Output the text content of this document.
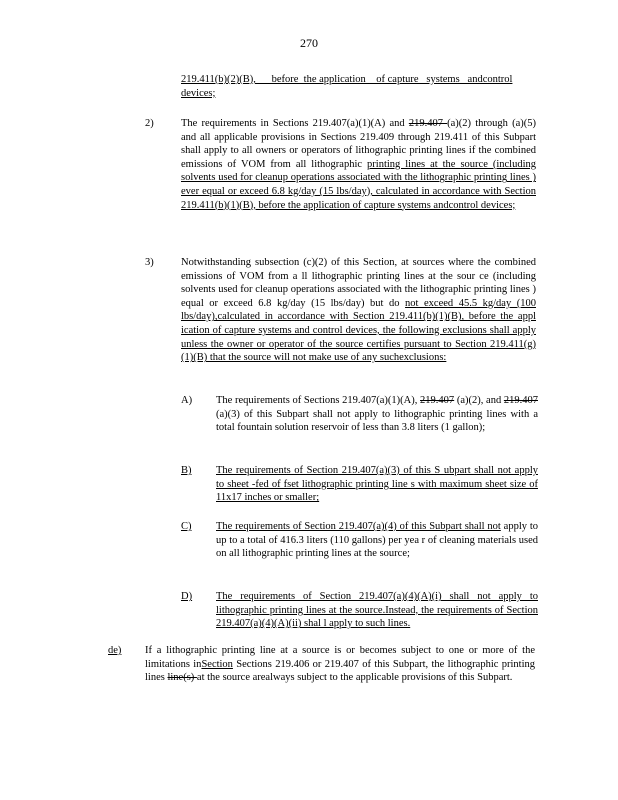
270
219.411(b)(2)(B),      before  the application    of capture   systems   andcontrol
devices;
2)	The requirements in Sections 219.407(a)(1)(A) and 219.407 (a)(2) through (a)(5) and all applicable provisions in Sections 219.409 through 219.411 of this Subpart shall apply to all owners or operators of lithographic printing lines if the combined emissions of VOM from all lithographic printing lines at the source (including solvents used for cleanup operations associated with the lithographic printing lines ) ever equal or exceed 6.8 kg/day (15 lbs/day), calculated in accordance with Section 219.411(b)(1)(B), before the application of capture systems andcontrol devices;
3)	Notwithstanding subsection (c)(2) of this Section, at sources where the combined emissions of VOM from a ll lithographic printing lines at the sour ce (including solvents used for cleanup operations associated with the lithographic printing lines ) equal or exceed 6.8 kg/day (15 lbs/day) but do not exceed 45.5 kg/day (100 lbs/day),calculated in accordance with Section 219.411(b)(1)(B), before the appl ication of capture systems and control devices, the following exclusions shall apply unless the owner or operator of the source certifies pursuant to Section 219.411(g)(1)(B) that the source will not make use of any suchexclusions:
A) The requirements of Sections 219.407(a)(1)(A), 219.407 (a)(2), and 219.407 (a)(3) of this Subpart shall not apply to lithographic printing lines with a total fountain solution reservoir of less than 3.8 liters (1 gallon);
B) The requirements of Section 219.407(a)(3) of this S ubpart shall not apply to sheet -fed of fset lithographic printing line s with maximum sheet size of 11x17 inches or smaller;
C) The requirements of Section 219.407(a)(4) of this Subpart shall not apply to up to a total of 416.3 liters (110 gallons) per yea r of cleaning materials used on all lithographic printing lines at the source;
D) The requirements of Section 219.407(a)(4)(A)(i) shall not apply to lithographic printing lines at the source.Instead, the requirements of Section 219.407(a)(4)(A)(ii) shal l apply to such lines.
de) If a lithographic printing line at a source is or becomes subject to one or more of the limitations inSection Sections 219.406 or 219.407 of this Subpart, the lithographic printing lines line(s) at the source arealways subject to the applicable provisions of this Subpart.
